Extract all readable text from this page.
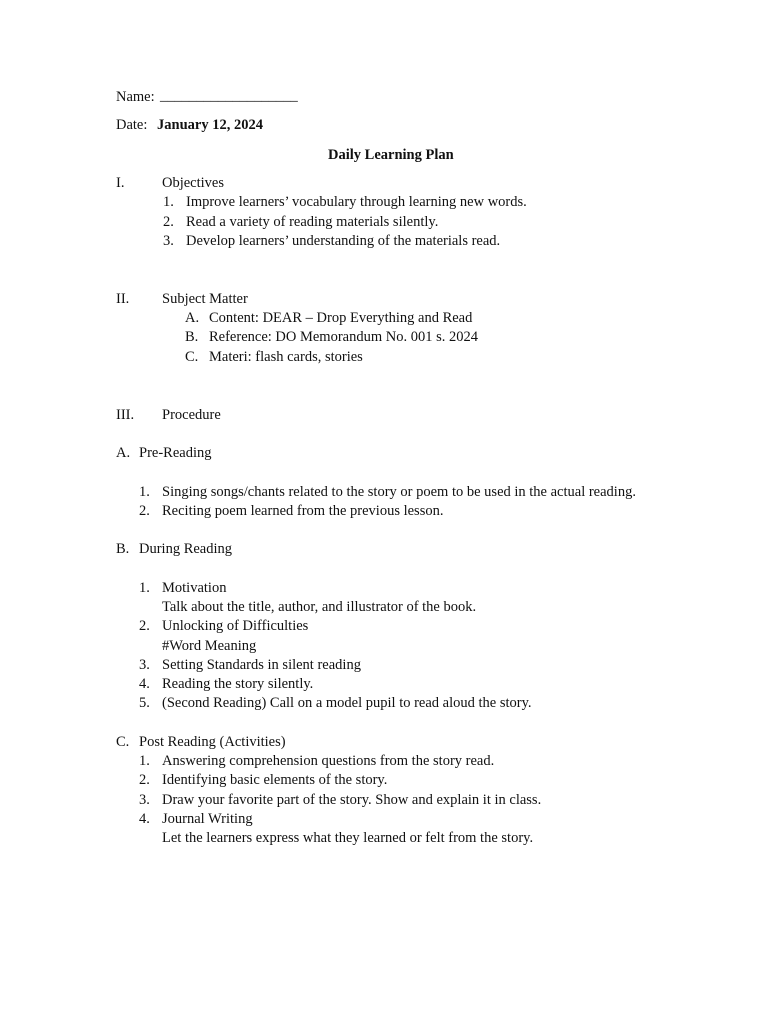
Name: ___________________
Date: January 12, 2024
Daily Learning Plan
I.	Objectives
1. Improve learners’ vocabulary through learning new words.
2. Read a variety of reading materials silently.
3. Develop learners’ understanding of the materials read.
II. Subject Matter
A. Content: DEAR – Drop Everything and Read
B. Reference: DO Memorandum No. 001 s. 2024
C. Materi: flash cards, stories
III. Procedure
A. Pre-Reading
1. Singing songs/chants related to the story or poem to be used in the actual reading.
2. Reciting poem learned from the previous lesson.
B. During Reading
1. Motivation
Talk about the title, author, and illustrator of the book.
2. Unlocking of Difficulties
#Word Meaning
3. Setting Standards in silent reading
4. Reading the story silently.
5. (Second Reading) Call on a model pupil to read aloud the story.
C. Post Reading (Activities)
1. Answering comprehension questions from the story read.
2. Identifying basic elements of the story.
3. Draw your favorite part of the story. Show and explain it in class.
4. Journal Writing
Let the learners express what they learned or felt from the story.
